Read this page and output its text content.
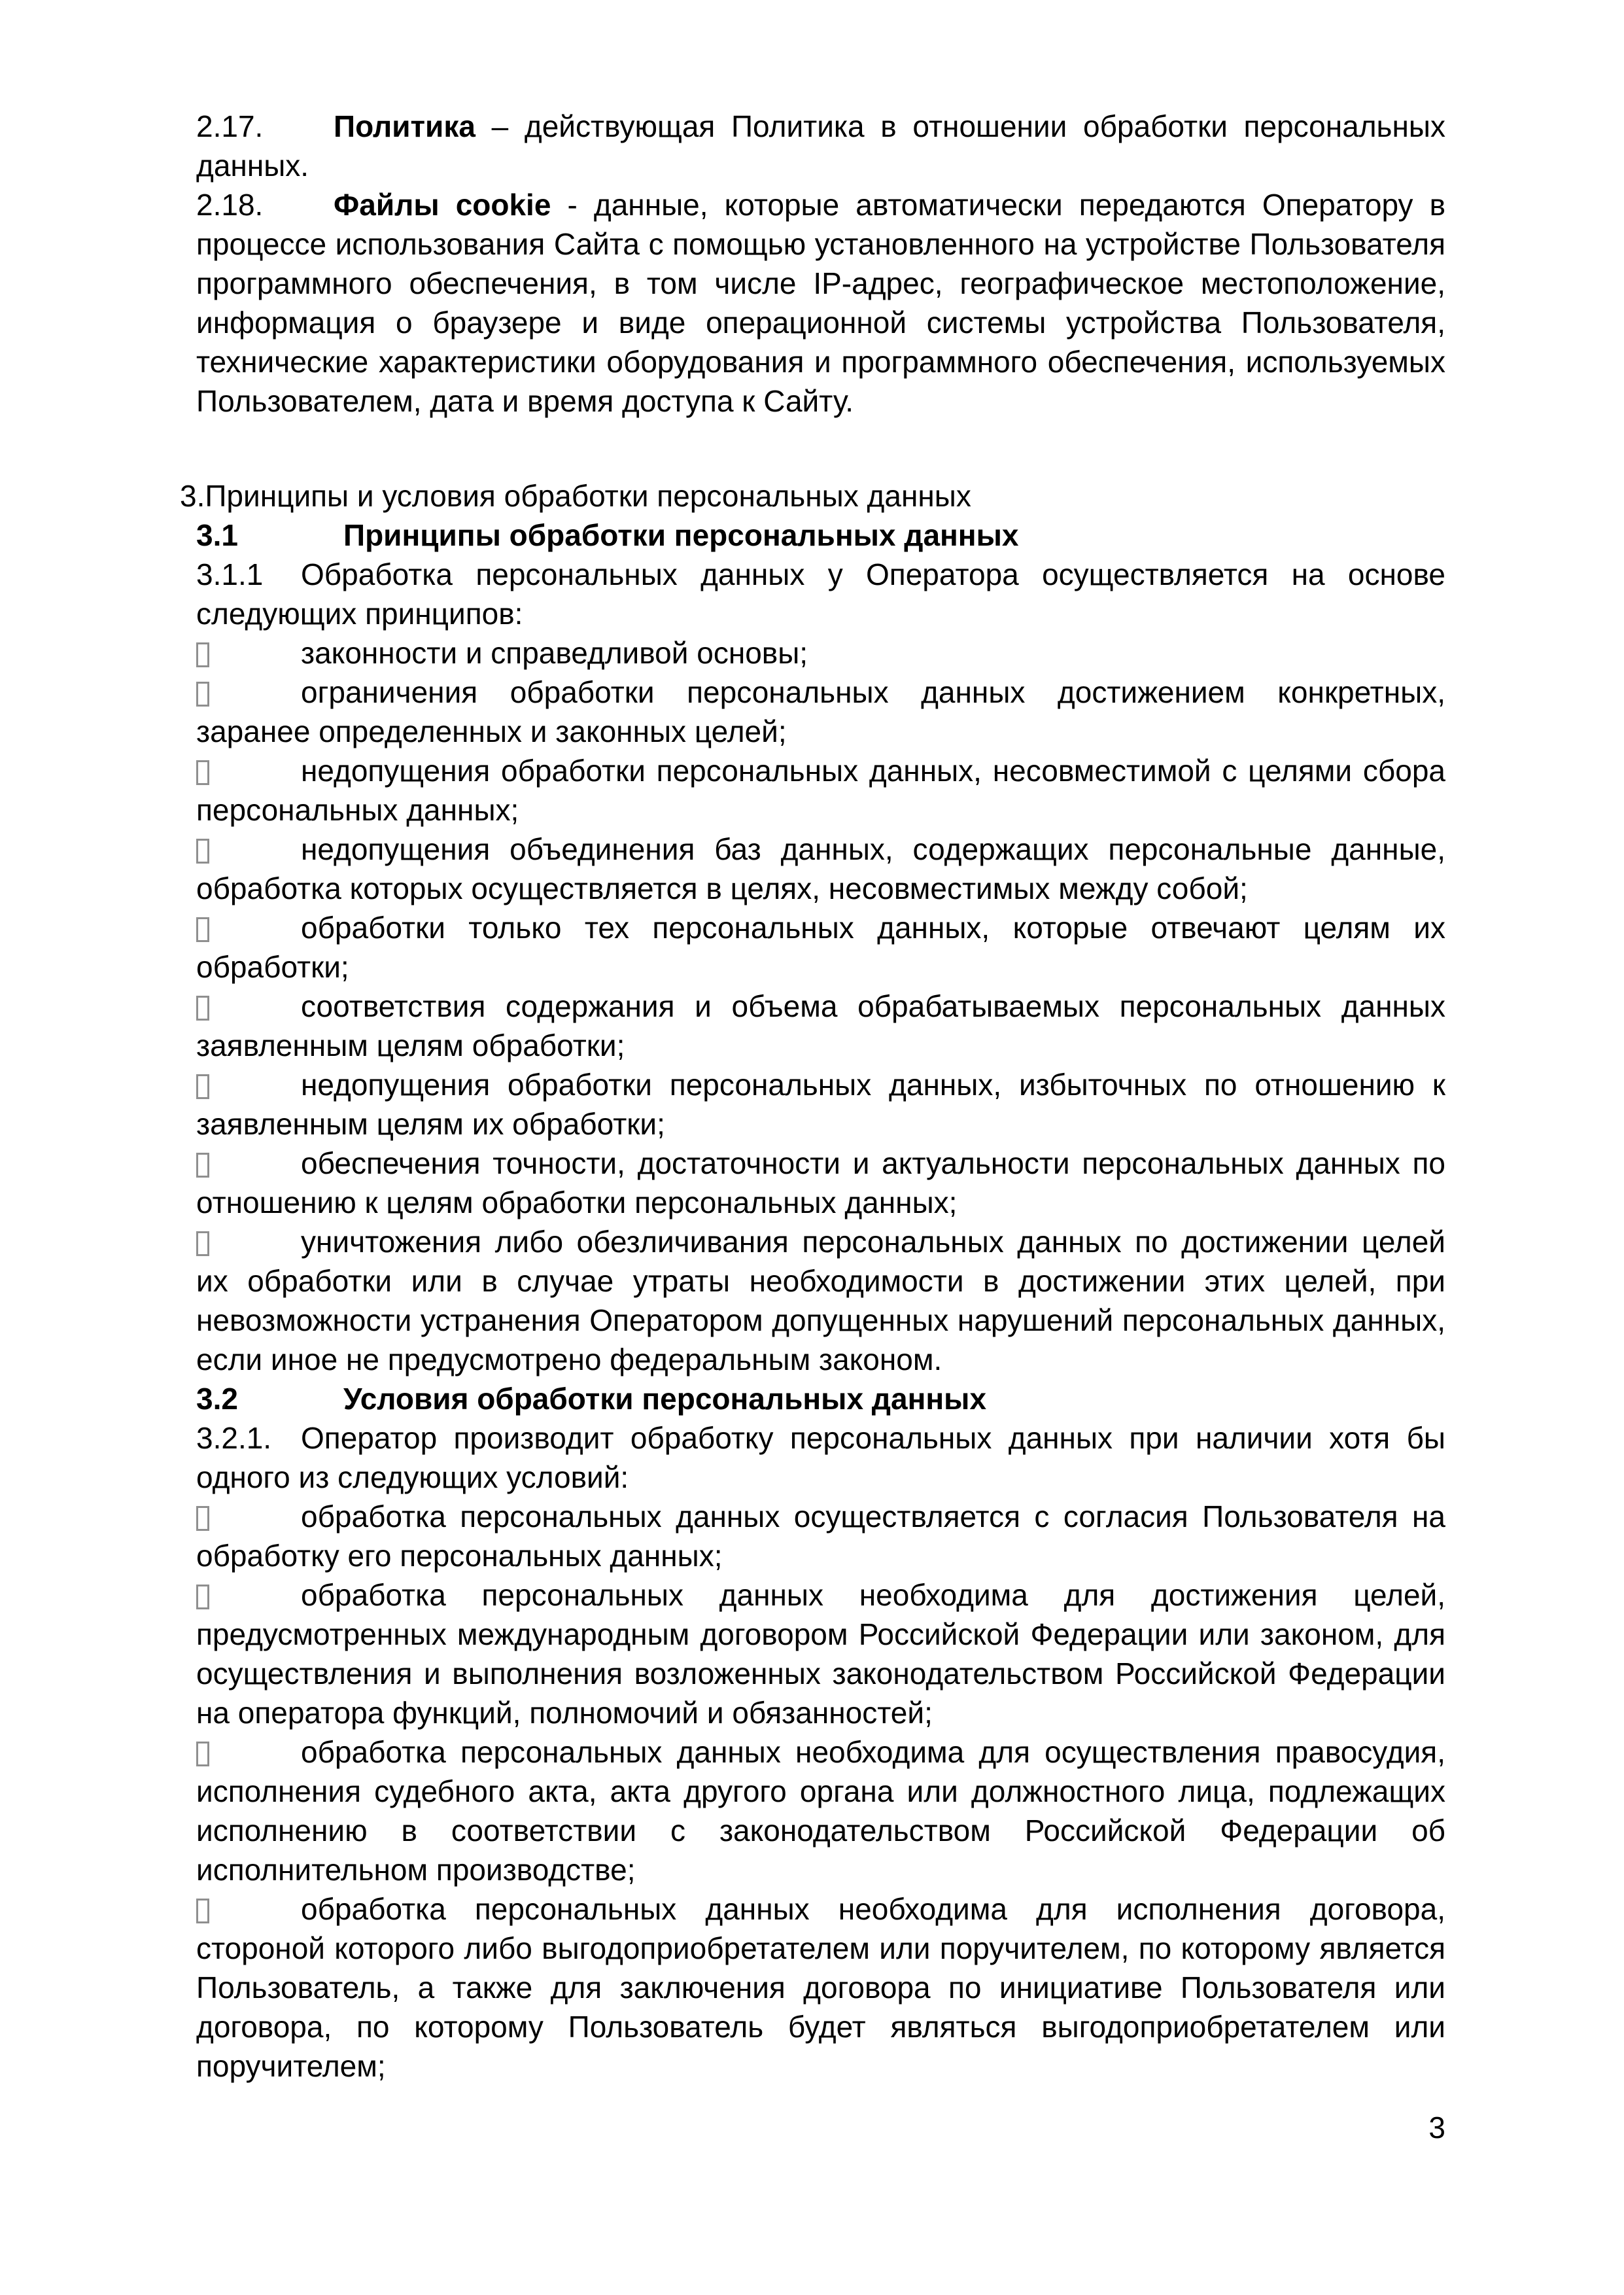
2.17. Политика – действующая Политика в отношении обработки персональных данных.

2.18. Файлы cookie - данные, которые автоматически передаются Оператору в процессе использования Сайта с помощью установленного на устройстве Пользователя программного обеспечения, в том числе IP-адрес, географическое местоположение, информация о браузере и виде операционной системы устройства Пользователя, технические характеристики оборудования и программного обеспечения, используемых Пользователем, дата и время доступа к Сайту.

3.Принципы и условия обработки персональных данных

3.1	Принципы обработки персональных данных

3.1.1 Обработка персональных данных у Оператора осуществляется на основе следующих принципов:

законности и справедливой основы;

ограничения обработки персональных данных достижением конкретных, заранее определенных и законных целей;

недопущения обработки персональных данных, несовместимой с целями сбора персональных данных;

недопущения объединения баз данных, содержащих персональные данные, обработка которых осуществляется в целях, несовместимых между собой;

обработки только тех персональных данных, которые отвечают целям их обработки;

соответствия содержания и объема обрабатываемых персональных данных заявленным целям обработки;

недопущения обработки персональных данных, избыточных по отношению к заявленным целям их обработки;

обеспечения точности, достаточности и актуальности персональных данных по отношению к целям обработки персональных данных;

уничтожения либо обезличивания персональных данных по достижении целей их обработки или в случае утраты необходимости в достижении этих целей, при невозможности устранения Оператором допущенных нарушений персональных данных, если иное не предусмотрено федеральным законом.

3.2	Условия обработки персональных данных

3.2.1. Оператор производит обработку персональных данных при наличии хотя бы одного из следующих условий:

обработка персональных данных осуществляется с согласия Пользователя на обработку его персональных данных;

обработка персональных данных необходима для достижения целей, предусмотренных международным договором Российской Федерации или законом, для осуществления и выполнения возложенных законодательством Российской Федерации на оператора функций, полномочий и обязанностей;

обработка персональных данных необходима для осуществления правосудия, исполнения судебного акта, акта другого органа или должностного лица, подлежащих исполнению в соответствии с законодательством Российской Федерации об исполнительном производстве;

обработка персональных данных необходима для исполнения договора, стороной которого либо выгодоприобретателем или поручителем, по которому является Пользователь, а также для заключения договора по инициативе Пользователя или договора, по которому Пользователь будет являться выгодоприобретателем или поручителем;

3
